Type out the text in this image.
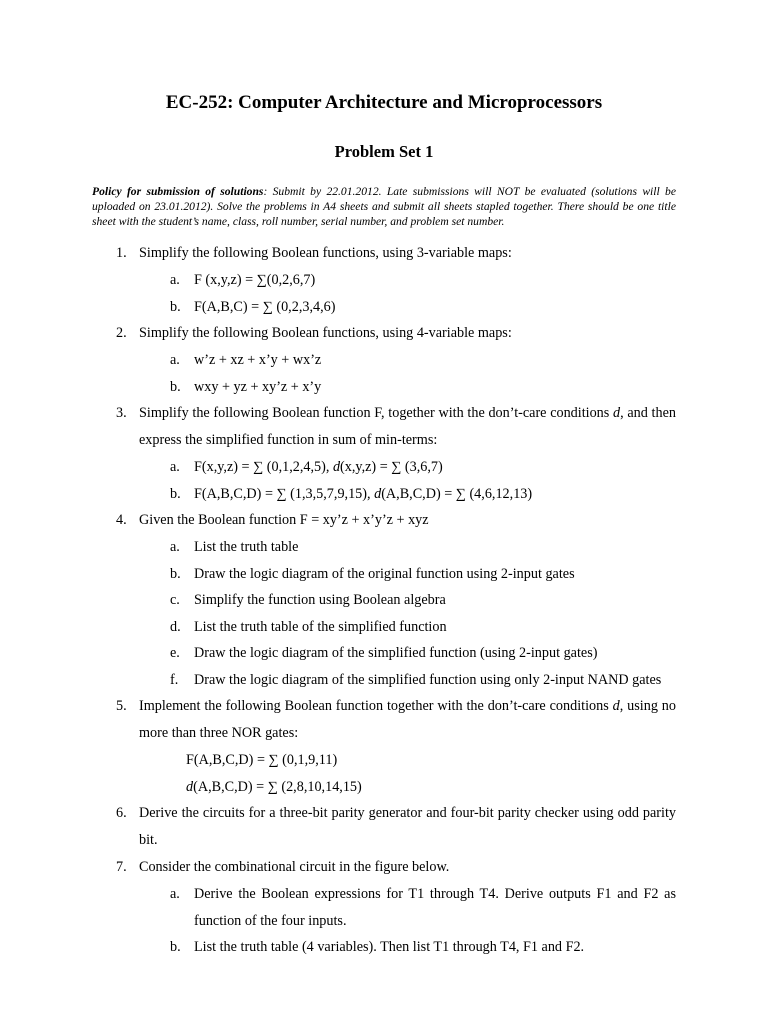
EC-252: Computer Architecture and Microprocessors
Problem Set 1

Policy for submission of solutions: Submit by 22.01.2012. Late submissions will NOT be evaluated (solutions will be uploaded on 23.01.2012). Solve the problems in A4 sheets and submit all sheets stapled together. There should be one title sheet with the student’s name, class, roll number, serial number, and problem set number.

1. Simplify the following Boolean functions, using 3-variable maps:
a. F (x,y,z) = ∑(0,2,6,7)
b. F(A,B,C) = ∑ (0,2,3,4,6)
2. Simplify the following Boolean functions, using 4-variable maps:
a. w’z + xz + x’y + wx’z
b. wxy + yz + xy’z + x’y
3. Simplify the following Boolean function F, together with the don’t-care conditions d, and then express the simplified function in sum of min-terms:
a. F(x,y,z) = ∑ (0,1,2,4,5), d(x,y,z) = ∑ (3,6,7)
b. F(A,B,C,D) = ∑ (1,3,5,7,9,15), d(A,B,C,D) = ∑ (4,6,12,13)
4. Given the Boolean function F = xy’z + x’y’z + xyz
a. List the truth table
b. Draw the logic diagram of the original function using 2-input gates
c. Simplify the function using Boolean algebra
d. List the truth table of the simplified function
e. Draw the logic diagram of the simplified function (using 2-input gates)
f. Draw the logic diagram of the simplified function using only 2-input NAND gates
5. Implement the following Boolean function together with the don’t-care conditions d, using no more than three NOR gates:
F(A,B,C,D) = ∑ (0,1,9,11)
d(A,B,C,D) = ∑ (2,8,10,14,15)
6. Derive the circuits for a three-bit parity generator and four-bit parity checker using odd parity bit.
7. Consider the combinational circuit in the figure below.
a. Derive the Boolean expressions for T1 through T4. Derive outputs F1 and F2 as function of the four inputs.
b. List the truth table (4 variables). Then list T1 through T4, F1 and F2.
